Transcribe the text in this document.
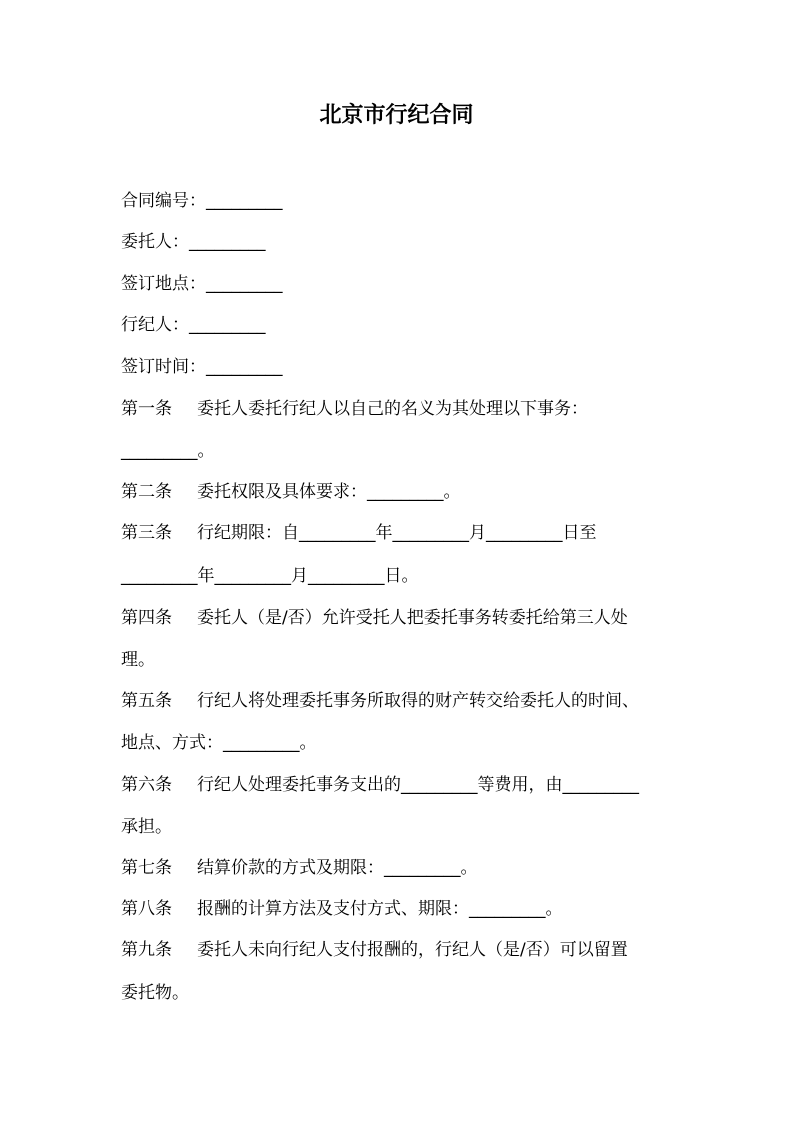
北京市行纪合同
合同编号：_________
委托人：_________
签订地点：_________
行纪人：_________
签订时间：_________
第一条 委托人委托行纪人以自己的名义为其处理以下事务：
_________。
第二条 委托权限及具体要求：_________。
第三条 行纪期限：自_________年_________月_________日至
_________年_________月_________日。
第四条 委托人（是/否）允许受托人把委托事务转委托给第三人处
理。
第五条 行纪人将处理委托事务所取得的财产转交给委托人的时间、
地点、方式：_________。
第六条 行纪人处理委托事务支出的_________等费用，由_________
承担。
第七条 结算价款的方式及期限：_________。
第八条 报酬的计算方法及支付方式、期限：_________。
第九条 委托人未向行纪人支付报酬的，行纪人（是/否）可以留置
委托物。
